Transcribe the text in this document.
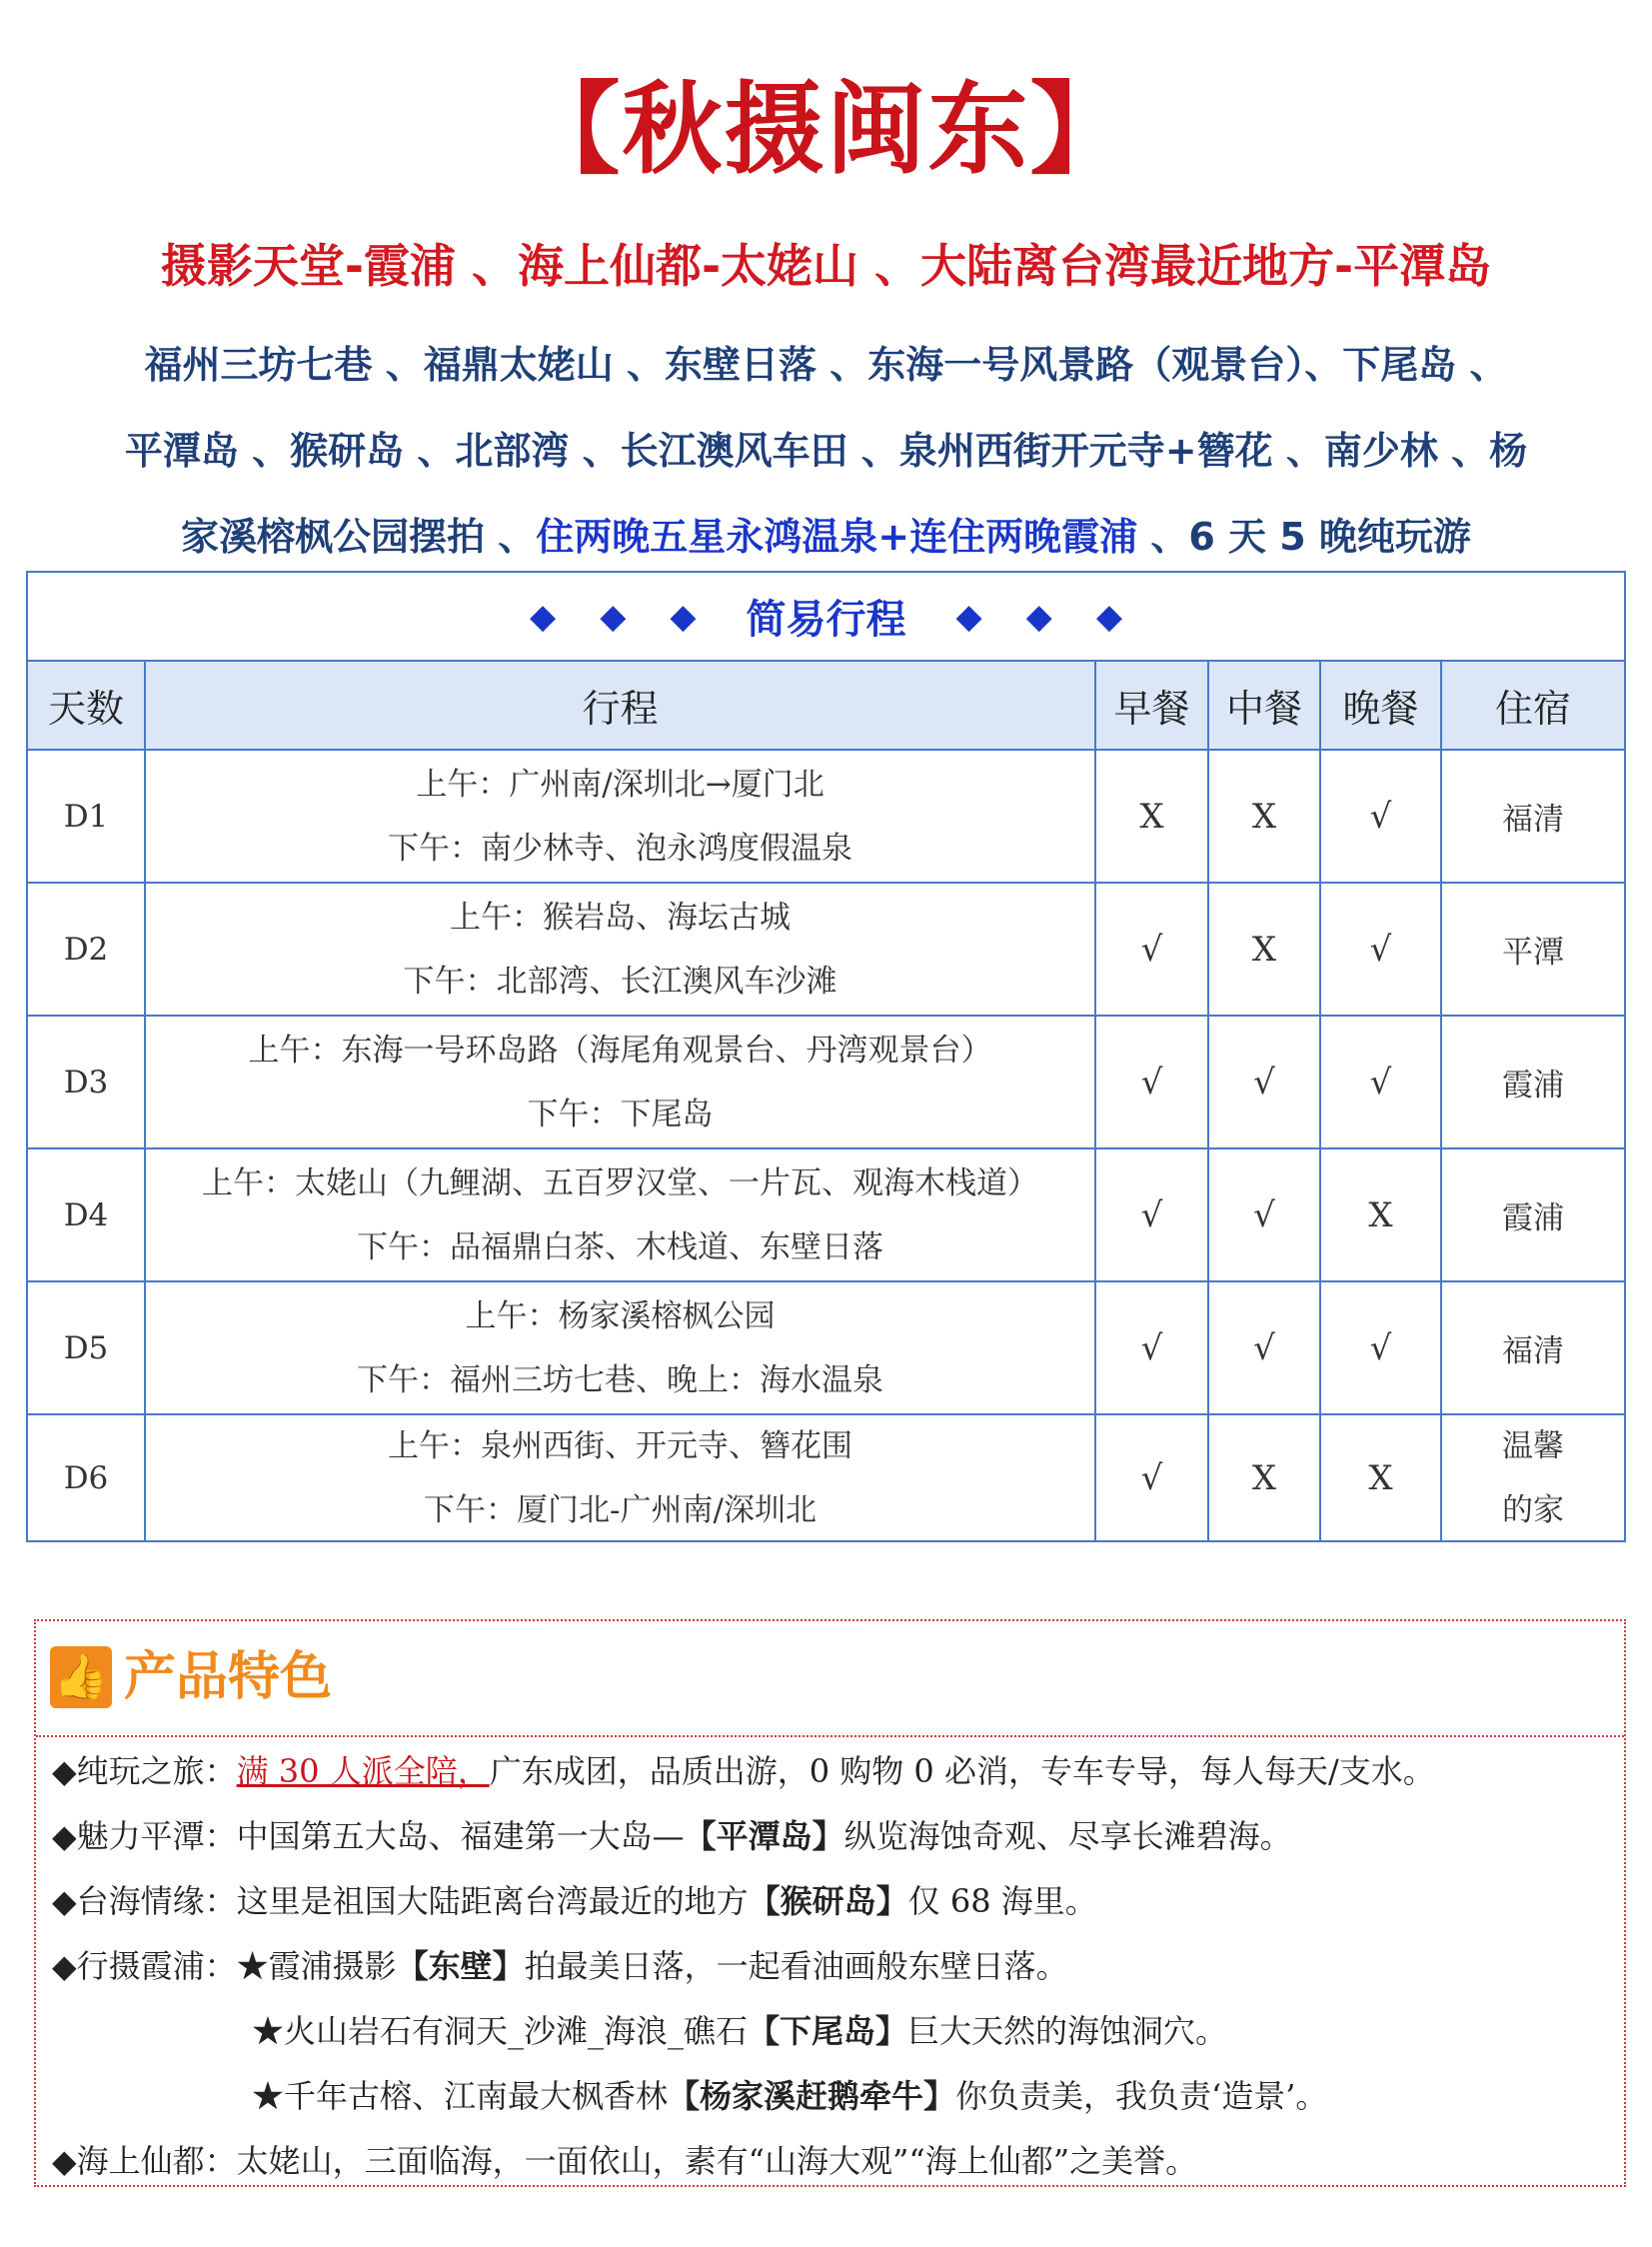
【秋摄闽东】
摄影天堂-霞浦 、海上仙都-太姥山 、大陆离台湾最近地方-平潭岛
福州三坊七巷 、福鼎太姥山 、东壁日落 、东海一号风景路（观景台）、下尾岛 、
平潭岛 、猴研岛 、北部湾 、长江澳风车田 、泉州西街开元寺+簪花 、南少林 、杨
家溪榕枫公园摆拍 、住两晚五星永鸿温泉+连住两晚霞浦 、6 天 5 晚纯玩游
◆ ◆ ◆ 简易行程 ◆ ◆ ◆
天数	行程	早餐 中餐	晚餐	住宿
D1
上午：广州南/深圳北→厦门北
下午：南少林寺、泡永鸿度假温泉
X	X	√	福清
D2
上午：猴岩岛、海坛古城
下午：北部湾、长江澳风车沙滩
√	X	√	平潭
D3
上午：东海一号环岛路（海尾角观景台、丹湾观景台）
下午：下尾岛
√	√	√	霞浦
D4
上午：太姥山（九鲤湖、五百罗汉堂、一片瓦、观海木栈道）
下午：品福鼎白茶、木栈道、东壁日落
√	√	X	霞浦
D5
上午：杨家溪榕枫公园
下午：福州三坊七巷、晚上：海水温泉
√	√	√	福清
D6
上午：泉州西街、开元寺、簪花围
下午：厦门北-广州南/深圳北
√	X	X
温馨的家
👍 产品特色
◆纯玩之旅：满 30 人派全陪，广东成团，品质出游，0 购物 0 必消，专车专导，每人每天/支水。
◆魅力平潭：中国第五大岛、福建第一大岛—【平潭岛】纵览海蚀奇观、尽享长滩碧海。
◆台海情缘：这里是祖国大陆距离台湾最近的地方【猴研岛】仅 68 海里。
◆行摄霞浦：★霞浦摄影【东壁】拍最美日落，一起看油画般东壁日落。
★火山岩石有洞天_沙滩_海浪_礁石【下尾岛】巨大天然的海蚀洞穴。
★千年古榕、江南最大枫香林【杨家溪赶鹅牵牛】你负责美，我负责‘造景’。
◆海上仙都：太姥山，三面临海，一面依山，素有“山海大观”“海上仙都”之美誉。
